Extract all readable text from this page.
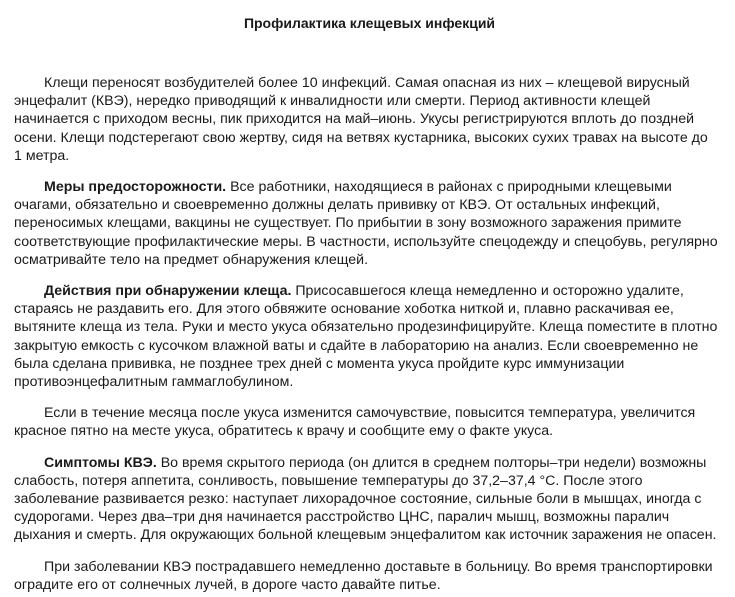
Профилактика клещевых инфекций

Клещи переносят возбудителей более 10 инфекций. Самая опасная из них – клещевой вирусный энцефалит (КВЭ), нередко приводящий к инвалидности или смерти. Период активности клещей начинается с приходом весны, пик приходится на май–июнь. Укусы регистрируются вплоть до поздней осени. Клещи подстерегают свою жертву, сидя на ветвях кустарника, высоких сухих травах на высоте до 1 метра.

Меры предосторожности. Все работники, находящиеся в районах с природными клещевыми очагами, обязательно и своевременно должны делать прививку от КВЭ. От остальных инфекций, переносимых клещами, вакцины не существует. По прибытии в зону возможного заражения примите соответствующие профилактические меры. В частности, используйте спецодежду и спецобувь, регулярно осматривайте тело на предмет обнаружения клещей.

Действия при обнаружении клеща. Присосавшегося клеща немедленно и осторожно удалите, стараясь не раздавить его. Для этого обвяжите основание хоботка ниткой и, плавно раскачивая ее, вытяните клеща из тела. Руки и место укуса обязательно продезинфицируйте. Клеща поместите в плотно закрытую емкость с кусочком влажной ваты и сдайте в лабораторию на анализ. Если своевременно не была сделана прививка, не позднее трех дней с момента укуса пройдите курс иммунизации противоэнцефалитным гаммаглобулином.

Если в течение месяца после укуса изменится самочувствие, повысится температура, увеличится красное пятно на месте укуса, обратитесь к врачу и сообщите ему о факте укуса.

Симптомы КВЭ. Во время скрытого периода (он длится в среднем полторы–три недели) возможны слабость, потеря аппетита, сонливость, повышение температуры до 37,2–37,4 °С. После этого заболевание развивается резко: наступает лихорадочное состояние, сильные боли в мышцах, иногда с судорогами. Через два–три дня начинается расстройство ЦНС, паралич мышц, возможны паралич дыхания и смерть. Для окружающих больной клещевым энцефалитом как источник заражения не опасен.

При заболевании КВЭ пострадавшего немедленно доставьте в больницу. Во время транспортировки оградите его от солнечных лучей, в дороге часто давайте питье.
